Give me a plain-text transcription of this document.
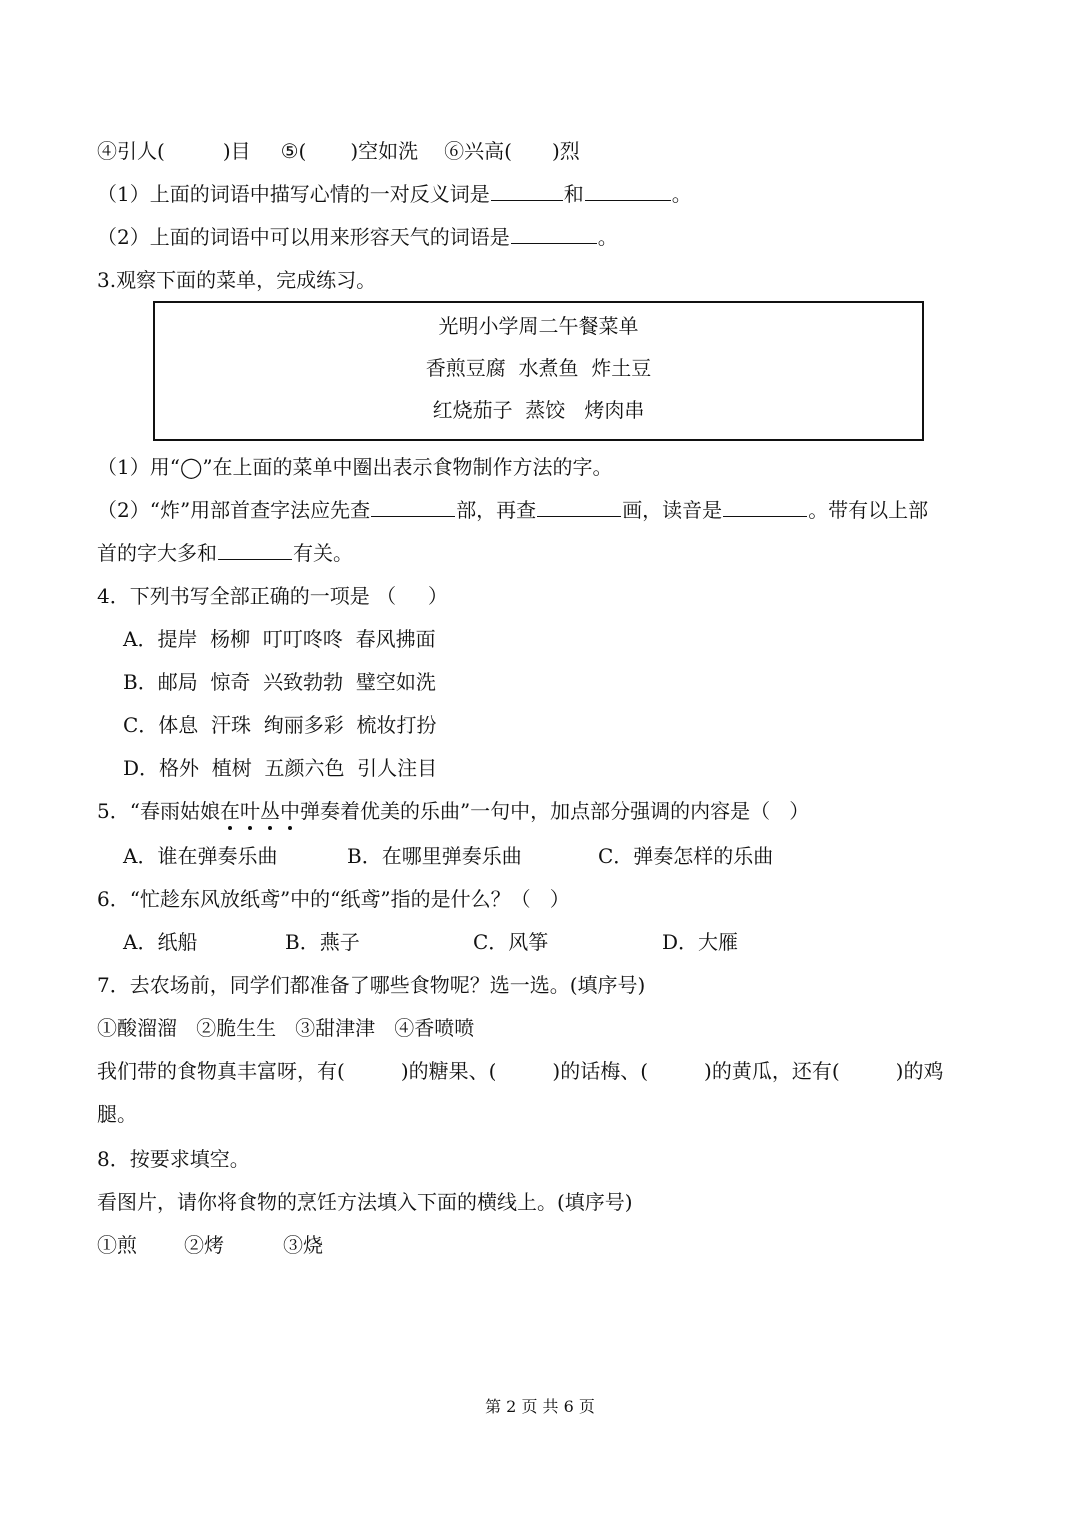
④引人(	)目 ⑤( )空如洗 ⑥兴高( )烈
（1）上面的词语中描写心情的一对反义词是	和	。
（2）上面的词语中可以用来形容天气的词语是	。
3.观察下面的菜单，完成练习。
光明小学周二午餐菜单
香煎豆腐  水煮鱼  炸土豆
红烧茄子  蒸饺   烤肉串
（1）用“◯”在上面的菜单中圈出表示食物制作方法的字。
（2）“炸”用部首查字法应先查	部，再查	画，读音是	。带有以上部
首的字大多和	有关。
4．下列书写全部正确的一项是 （     ）
A．提岸  杨柳  叮叮咚咚  春风拂面
B．邮局  惊奇  兴致勃勃  璧空如洗
C．体息  汗珠  绚丽多彩  梳妆打扮
D．格外  植树  五颜六色  引人注目
5．“春雨姑娘在叶丛中弹奏着优美的乐曲”一句中，加点部分强调的内容是（   ）
A．谁在弹奏乐曲	B．在哪里弹奏乐曲	C．弹奏怎样的乐曲
6．“忙趁东风放纸鸢”中的“纸鸢”指的是什么？（   ）
A．纸船	B．燕子	C．风筝	D．大雁
7．去农场前，同学们都准备了哪些食物呢？选一选。(填序号)
①酸溜溜   ②脆生生   ③甜津津   ④香喷喷
我们带的食物真丰富呀，有(	)的糖果、(	)的话梅、(	)的黄瓜，还有(	)的鸡
腿。
8．按要求填空。
看图片，请你将食物的烹饪方法填入下面的横线上。(填序号)
①煎 ②烤	③烧
第 2 页 共 6 页
